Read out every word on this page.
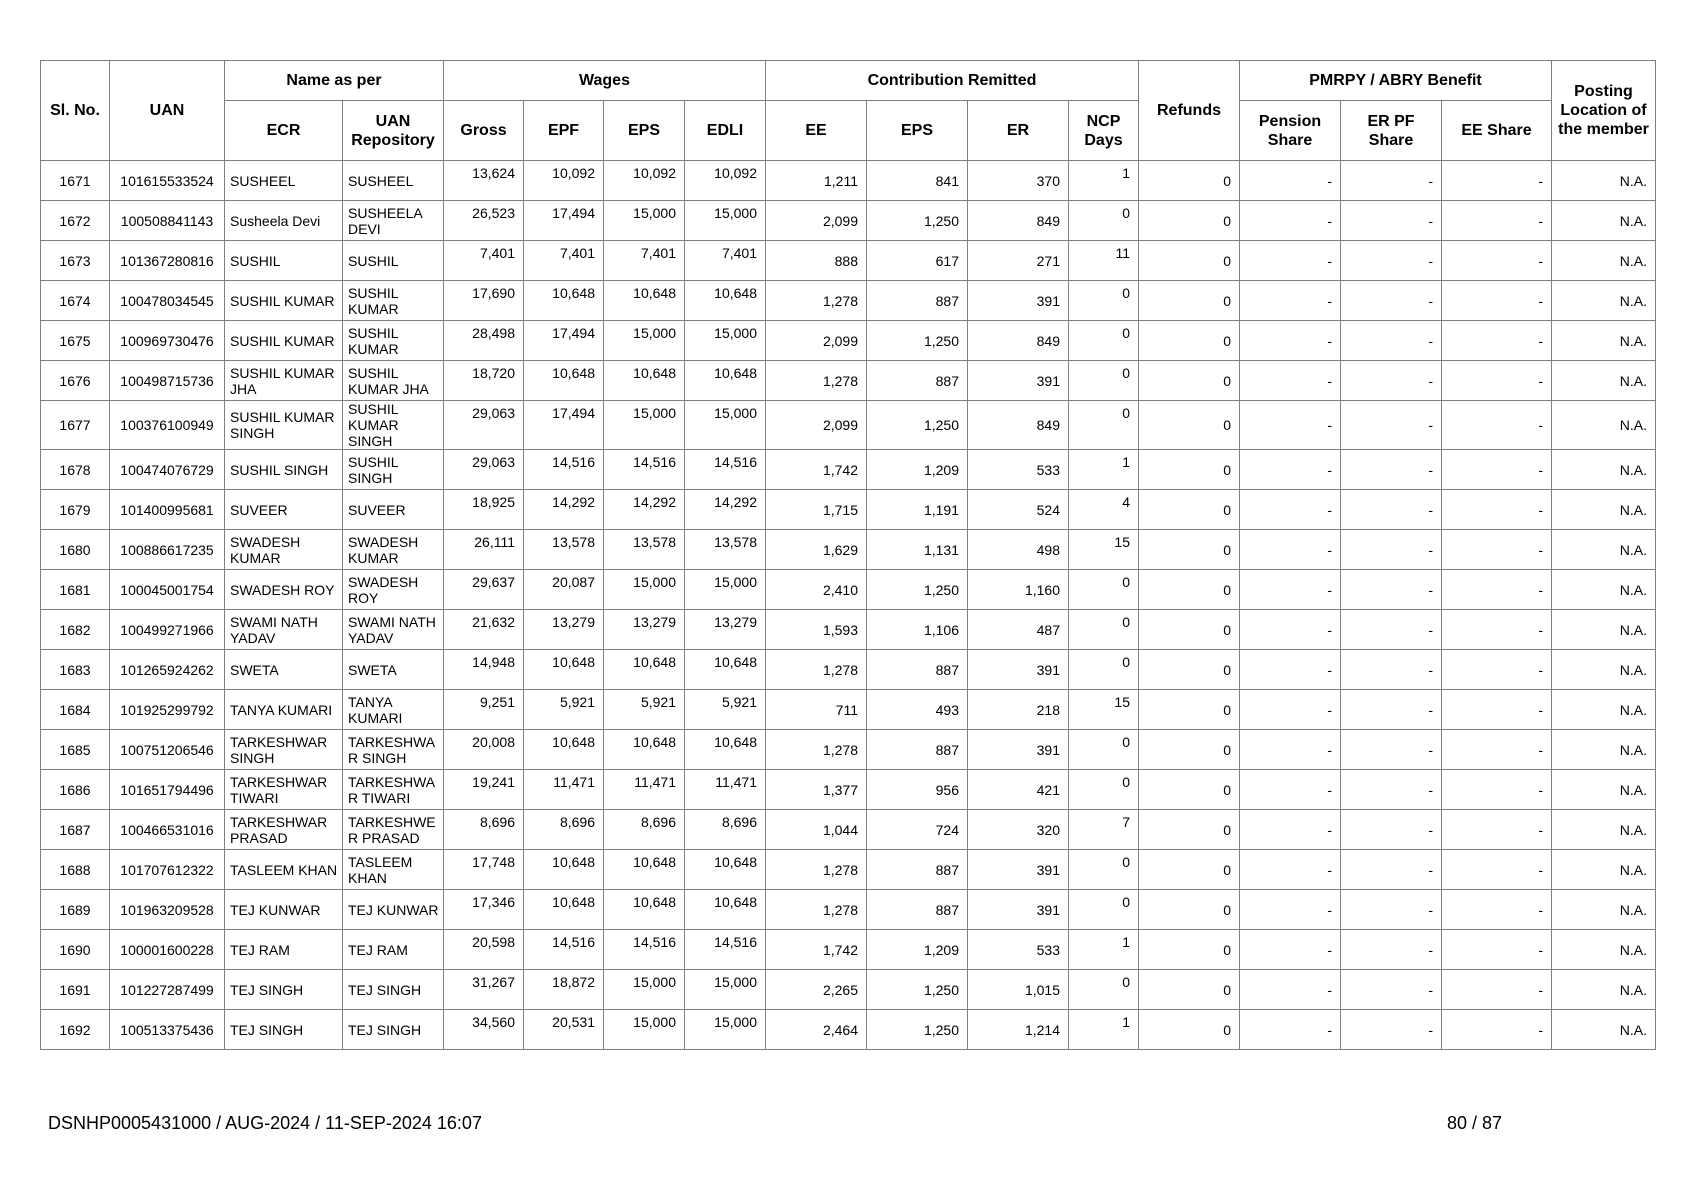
Sl. No.	UAN	Name as per		Wages				Contribution Remitted				Refunds	PMRPY / ABRY Benefit			Posting Location of the member
		ECR	UAN Repository	Gross	EPF	EPS	EDLI	EE	EPS	ER	NCP Days		Pension Share	ER PF Share	EE Share	
1671	101615533524	SUSHEEL	SUSHEEL	13,624	10,092	10,092	10,092	1,211	841	370	1	0	-	-	-	N.A.
1672	100508841143	Susheela Devi	SUSHEELA DEVI	26,523	17,494	15,000	15,000	2,099	1,250	849	0	0	-	-	-	N.A.
1673	101367280816	SUSHIL	SUSHIL	7,401	7,401	7,401	7,401	888	617	271	11	0	-	-	-	N.A.
1674	100478034545	SUSHIL KUMAR	SUSHIL KUMAR	17,690	10,648	10,648	10,648	1,278	887	391	0	0	-	-	-	N.A.
1675	100969730476	SUSHIL KUMAR	SUSHIL KUMAR	28,498	17,494	15,000	15,000	2,099	1,250	849	0	0	-	-	-	N.A.
1676	100498715736	SUSHIL KUMAR JHA	SUSHIL KUMAR JHA	18,720	10,648	10,648	10,648	1,278	887	391	0	0	-	-	-	N.A.
1677	100376100949	SUSHIL KUMAR SINGH	SUSHIL KUMAR SINGH	29,063	17,494	15,000	15,000	2,099	1,250	849	0	0	-	-	-	N.A.
1678	100474076729	SUSHIL SINGH	SUSHIL SINGH	29,063	14,516	14,516	14,516	1,742	1,209	533	1	0	-	-	-	N.A.
1679	101400995681	SUVEER	SUVEER	18,925	14,292	14,292	14,292	1,715	1,191	524	4	0	-	-	-	N.A.
1680	100886617235	SWADESH KUMAR	SWADESH KUMAR	26,111	13,578	13,578	13,578	1,629	1,131	498	15	0	-	-	-	N.A.
1681	100045001754	SWADESH ROY	SWADESH ROY	29,637	20,087	15,000	15,000	2,410	1,250	1,160	0	0	-	-	-	N.A.
1682	100499271966	SWAMI NATH YADAV	SWAMI NATH YADAV	21,632	13,279	13,279	13,279	1,593	1,106	487	0	0	-	-	-	N.A.
1683	101265924262	SWETA	SWETA	14,948	10,648	10,648	10,648	1,278	887	391	0	0	-	-	-	N.A.
1684	101925299792	TANYA KUMARI	TANYA KUMARI	9,251	5,921	5,921	5,921	711	493	218	15	0	-	-	-	N.A.
1685	100751206546	TARKESHWAR SINGH	TARKESHWA R SINGH	20,008	10,648	10,648	10,648	1,278	887	391	0	0	-	-	-	N.A.
1686	101651794496	TARKESHWAR TIWARI	TARKESHWA R TIWARI	19,241	11,471	11,471	11,471	1,377	956	421	0	0	-	-	-	N.A.
1687	100466531016	TARKESHWAR PRASAD	TARKESHWE R PRASAD	8,696	8,696	8,696	8,696	1,044	724	320	7	0	-	-	-	N.A.
1688	101707612322	TASLEEM KHAN	TASLEEM KHAN	17,748	10,648	10,648	10,648	1,278	887	391	0	0	-	-	-	N.A.
1689	101963209528	TEJ KUNWAR	TEJ KUNWAR	17,346	10,648	10,648	10,648	1,278	887	391	0	0	-	-	-	N.A.
1690	100001600228	TEJ RAM	TEJ RAM	20,598	14,516	14,516	14,516	1,742	1,209	533	1	0	-	-	-	N.A.
1691	101227287499	TEJ SINGH	TEJ SINGH	31,267	18,872	15,000	15,000	2,265	1,250	1,015	0	0	-	-	-	N.A.
1692	100513375436	TEJ SINGH	TEJ SINGH	34,560	20,531	15,000	15,000	2,464	1,250	1,214	1	0	-	-	-	N.A.
DSNHP0005431000 / AUG-2024 / 11-SEP-2024 16:07	80 / 87
